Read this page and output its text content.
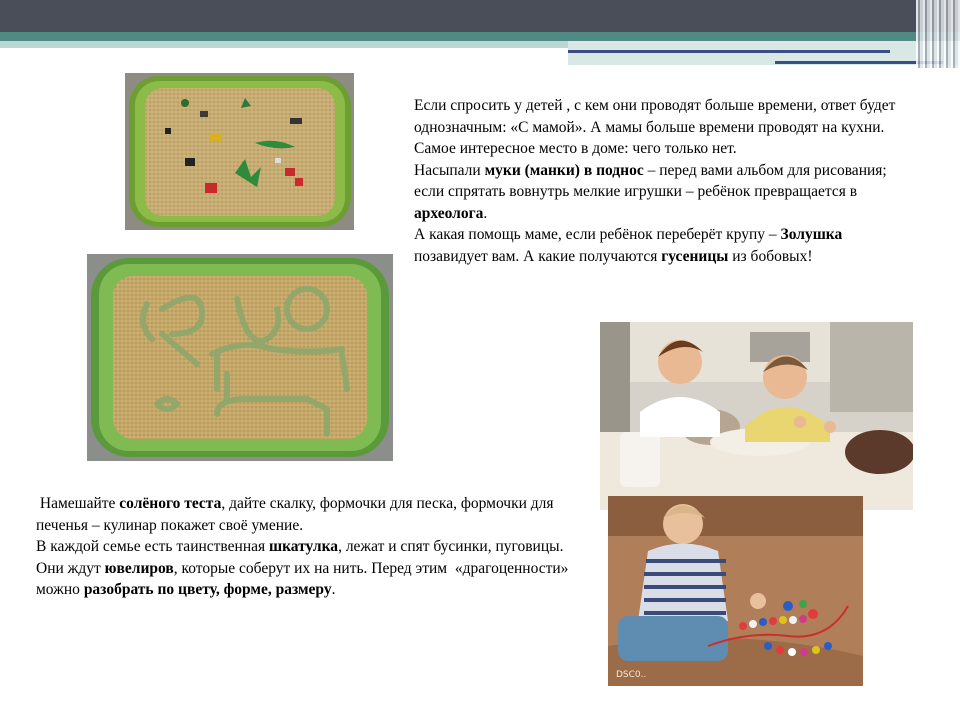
DSC0..

Если спросить у детей , с кем они проводят больше времени, ответ будет однозначным: «С мамой». А мамы больше времени проводят на кухни. Самое интересное место в доме: чего только нет.

Насыпали муки (манки) в поднос – перед вами альбом для рисования; если спрятать вовнутрь мелкие игрушки – ребёнок превращается в археолога.

А какая помощь маме, если ребёнок переберёт крупу – Золушка позавидует вам. А какие получаются гусеницы из бобовых!

Намешайте солёного теста, дайте скалку, формочки для песка, формочки для печенья – кулинар покажет своё умение.

В каждой семье есть таинственная шкатулка, лежат и спят бусинки, пуговицы. Они ждут ювелиров, которые соберут их на нить. Перед этим  «драгоценности» можно разобрать по цвету, форме, размеру.
